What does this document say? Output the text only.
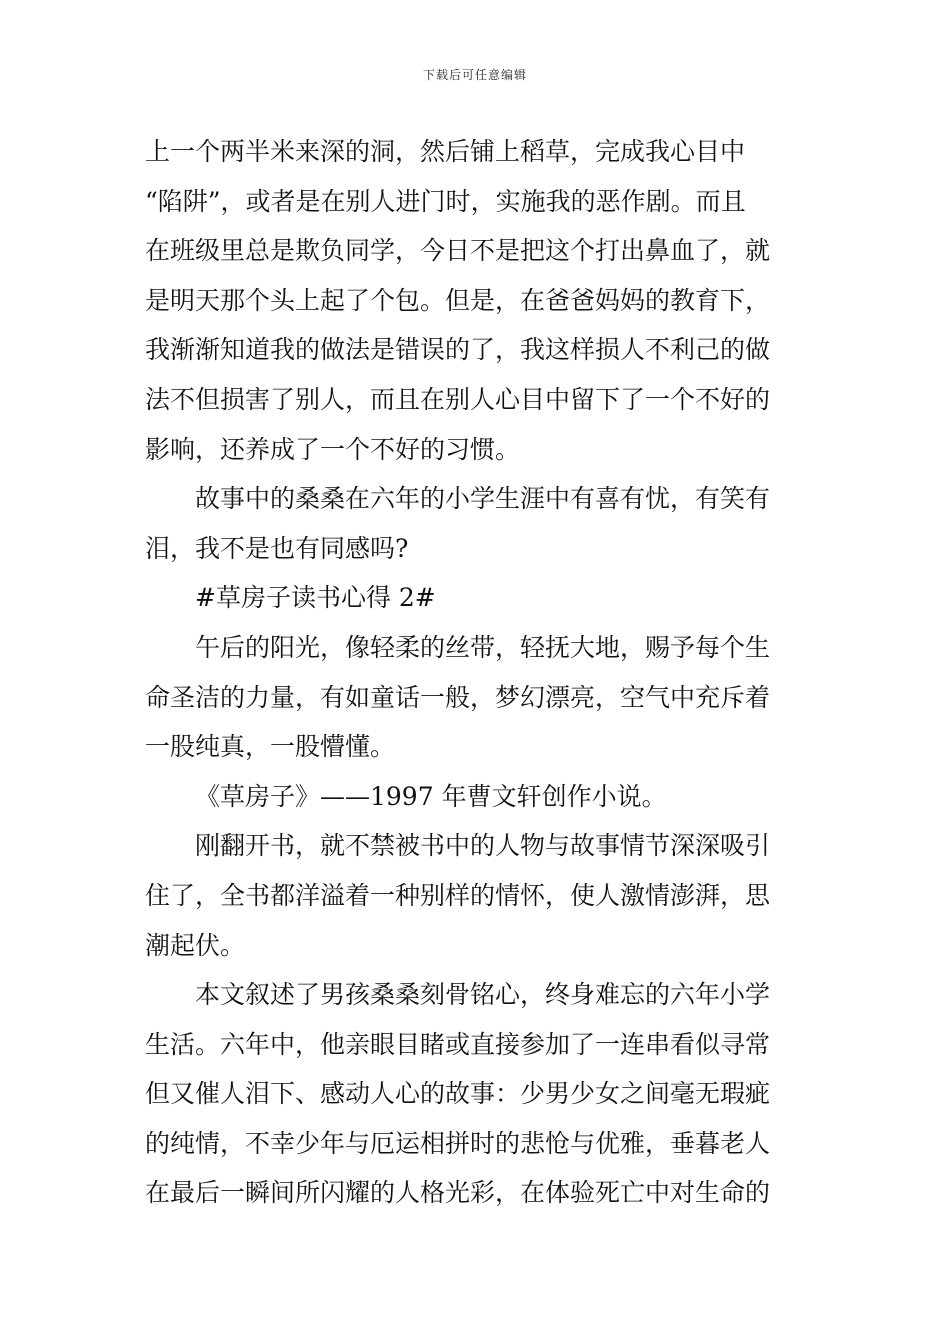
下载后可任意编辑
上一个两半米来深的洞，然后铺上稻草，完成我心目中
“陷阱”，或者是在别人进门时，实施我的恶作剧。而且
在班级里总是欺负同学，今日不是把这个打出鼻血了，就
是明天那个头上起了个包。但是，在爸爸妈妈的教育下，
我渐渐知道我的做法是错误的了，我这样损人不利己的做
法不但损害了别人，而且在别人心目中留下了一个不好的
影响，还养成了一个不好的习惯。
故事中的桑桑在六年的小学生涯中有喜有忧，有笑有
泪，我不是也有同感吗?
#草房子读书心得 2#
午后的阳光，像轻柔的丝带，轻抚大地，赐予每个生
命圣洁的力量，有如童话一般，梦幻漂亮，空气中充斥着
一股纯真，一股懵懂。
《草房子》——1997 年曹文轩创作小说。
刚翻开书，就不禁被书中的人物与故事情节深深吸引
住了，全书都洋溢着一种别样的情怀，使人激情澎湃，思
潮起伏。
本文叙述了男孩桑桑刻骨铭心，终身难忘的六年小学
生活。六年中，他亲眼目睹或直接参加了一连串看似寻常
但又催人泪下、感动人心的故事：少男少女之间毫无瑕疵
的纯情，不幸少年与厄运相拼时的悲怆与优雅，垂暮老人
在最后一瞬间所闪耀的人格光彩，在体验死亡中对生命的
